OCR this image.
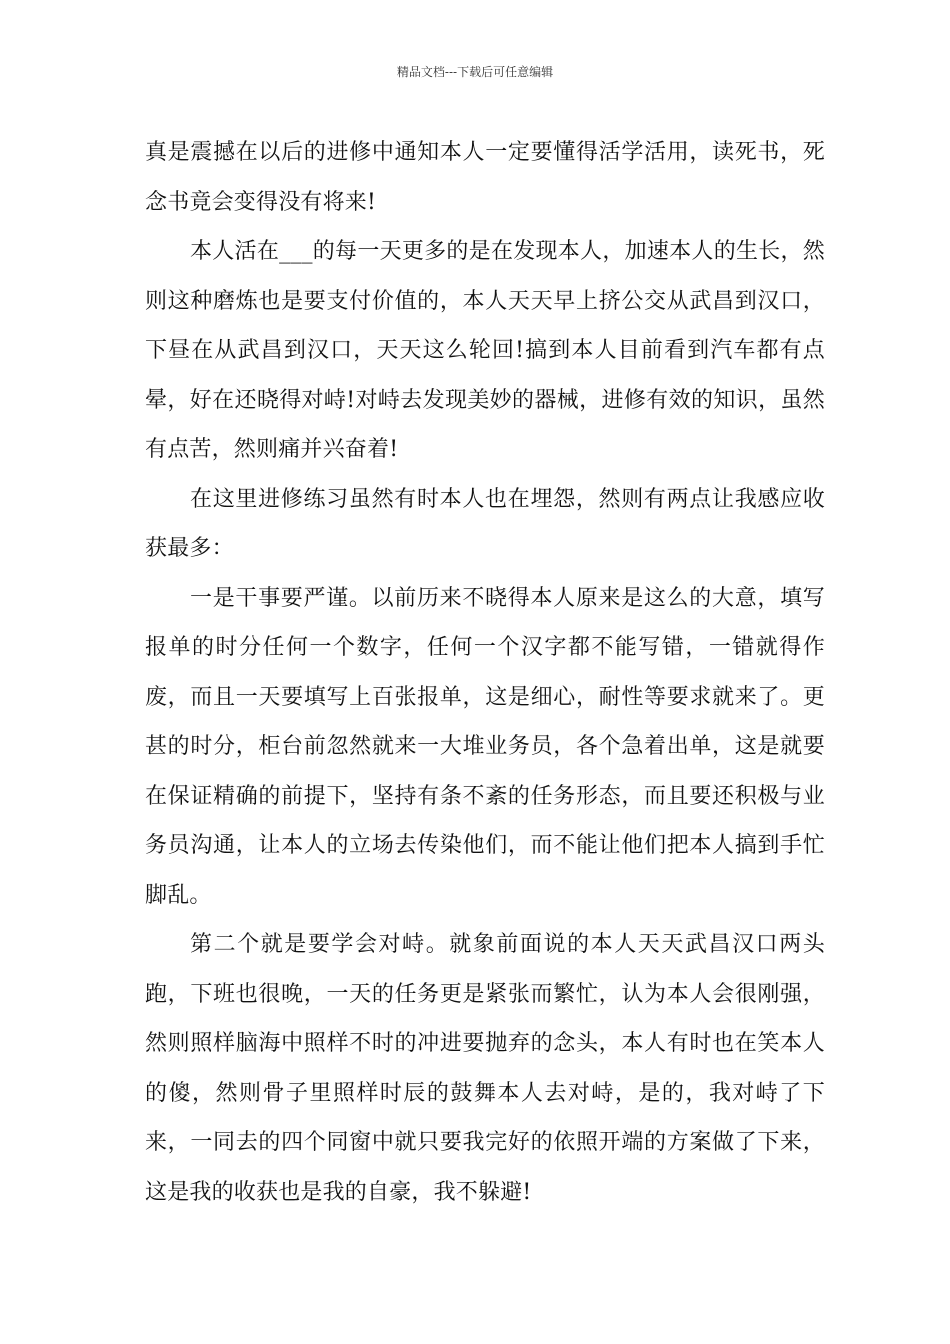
精品文档---下载后可任意编辑

真是震撼在以后的进修中通知本人一定要懂得活学活用，读死书，死念书竟会变得没有将来!

本人活在___的每一天更多的是在发现本人，加速本人的生长，然则这种磨炼也是要支付价值的，本人天天早上挤公交从武昌到汉口，下昼在从武昌到汉口，天天这么轮回!搞到本人目前看到汽车都有点晕，好在还晓得对峙!对峙去发现美妙的器械，进修有效的知识，虽然有点苦，然则痛并兴奋着!

在这里进修练习虽然有时本人也在埋怨，然则有两点让我感应收获最多：

一是干事要严谨。以前历来不晓得本人原来是这么的大意，填写报单的时分任何一个数字，任何一个汉字都不能写错，一错就得作废，而且一天要填写上百张报单，这是细心，耐性等要求就来了。更甚的时分，柜台前忽然就来一大堆业务员，各个急着出单，这是就要在保证精确的前提下，坚持有条不紊的任务形态，而且要还积极与业务员沟通，让本人的立场去传染他们，而不能让他们把本人搞到手忙脚乱。

第二个就是要学会对峙。就象前面说的本人天天武昌汉口两头跑，下班也很晚，一天的任务更是紧张而繁忙，认为本人会很刚强，然则照样脑海中照样不时的冲进要抛弃的念头，本人有时也在笑本人的傻，然则骨子里照样时辰的鼓舞本人去对峙，是的，我对峙了下来，一同去的四个同窗中就只要我完好的依照开端的方案做了下来，这是我的收获也是我的自豪，我不躲避!
